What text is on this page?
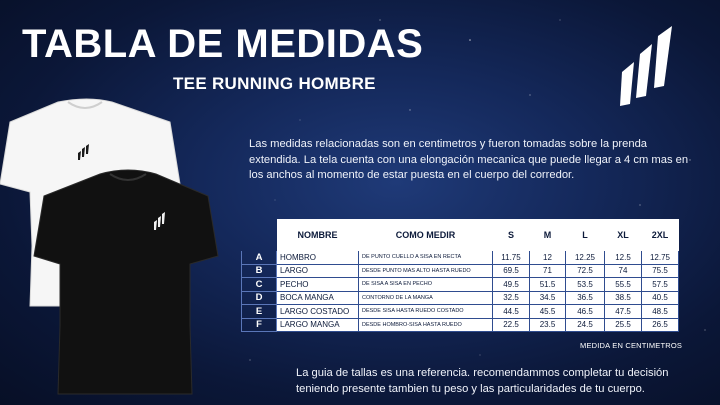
TABLA DE MEDIDAS
TEE RUNNING HOMBRE
Las medidas relacionadas son en centimetros y fueron tomadas sobre la prenda extendida. La tela cuenta con una elongación mecanica que puede llegar a 4 cm mas en los anchos al momento de estar puesta en el cuerpo del corredor.
	NOMBRE	COMO MEDIR	S	M	L	XL	2XL
A	HOMBRO	DE PUNTO CUELLO A SISA EN RECTA	11.75	12	12.25	12.5	12.75
B	LARGO	DESDE PUNTO MAS ALTO HASTA RUEDO	69.5	71	72.5	74	75.5
C	PECHO	DE SISA A SISA EN PECHO	49.5	51.5	53.5	55.5	57.5
D	BOCA MANGA	CONTORNO DE LA MANGA	32.5	34.5	36.5	38.5	40.5
E	LARGO COSTADO	DESDE SISA HASTA RUEDO COSTADO	44.5	45.5	46.5	47.5	48.5
F	LARGO MANGA	DESDE HOMBRO-SISA HASTA RUEDO	22.5	23.5	24.5	25.5	26.5
MEDIDA EN CENTIMETROS
La guia de tallas es una referencia. recomendammos completar tu decisión teniendo presente tambien tu peso y las particularidades de tu cuerpo.
